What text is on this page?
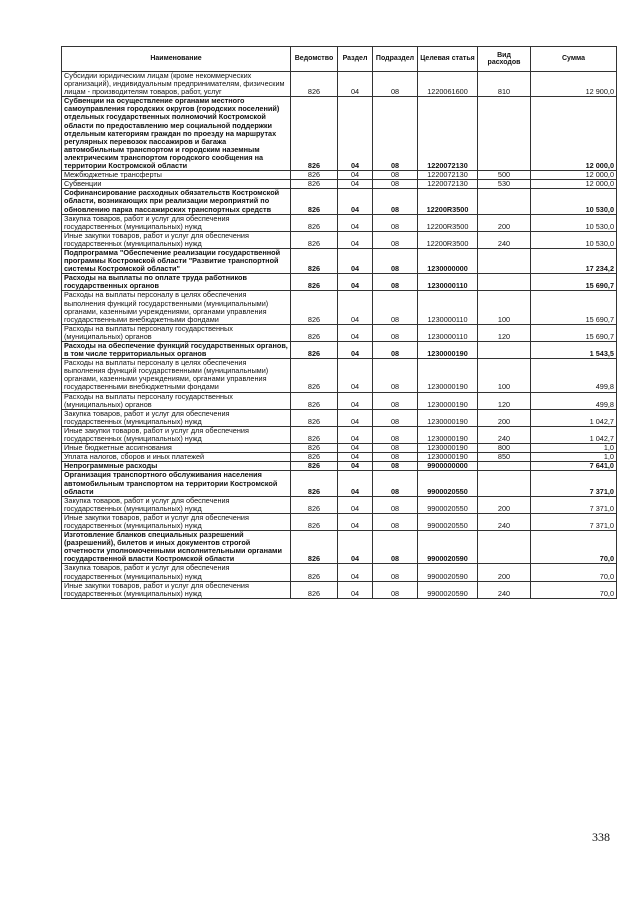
Наименование	Ведомство	Раздел	Подраздел	Целевая статья	Вид расходов	Сумма
Субсидии юридическим лицам (кроме некоммерческих организаций), индивидуальным предпринимателям, физическим лицам - производителям товаров, работ, услуг	826	04	08	1220061600	810	12 900,0
Субвенции на осуществление органами местного самоуправления городских округов (городских поселений) отдельных государственных полномочий Костромской области по предоставлению мер социальной поддержки отдельным категориям граждан по проезду на маршрутах регулярных перевозок пассажиров и багажа автомобильным транспортом и городским наземным электрическим транспортом городского сообщения на территории Костромской области	826	04	08	1220072130		12 000,0
Межбюджетные трансферты	826	04	08	1220072130	500	12 000,0
Субвенции	826	04	08	1220072130	530	12 000,0
Софинансирование расходных обязательств Костромской области, возникающих при реализации мероприятий по обновлению парка пассажирских транспортных средств	826	04	08	12200R3500		10 530,0
Закупка товаров, работ и услуг для обеспечения государственных (муниципальных) нужд	826	04	08	12200R3500	200	10 530,0
Иные закупки товаров, работ и услуг для обеспечения государственных (муниципальных) нужд	826	04	08	12200R3500	240	10 530,0
Подпрограмма "Обеспечение реализации государственной программы Костромской области "Развитие транспортной системы Костромской области"	826	04	08	1230000000		17 234,2
Расходы на выплаты по оплате труда работников государственных органов	826	04	08	1230000110		15 690,7
Расходы на выплаты персоналу в целях обеспечения выполнения функций государственными (муниципальными) органами, казенными учреждениями, органами управления государственными внебюджетными фондами	826	04	08	1230000110	100	15 690,7
Расходы на выплаты персоналу государственных (муниципальных) органов	826	04	08	1230000110	120	15 690,7
Расходы на обеспечение функций государственных органов, в том числе территориальных органов	826	04	08	1230000190		1 543,5
Расходы на выплаты персоналу в целях обеспечения выполнения функций государственными (муниципальными) органами, казенными учреждениями, органами управления государственными внебюджетными фондами	826	04	08	1230000190	100	499,8
Расходы на выплаты персоналу государственных (муниципальных) органов	826	04	08	1230000190	120	499,8
Закупка товаров, работ и услуг для обеспечения государственных (муниципальных) нужд	826	04	08	1230000190	200	1 042,7
Иные закупки товаров, работ и услуг для обеспечения государственных (муниципальных) нужд	826	04	08	1230000190	240	1 042,7
Иные бюджетные ассигнования	826	04	08	1230000190	800	1,0
Уплата налогов, сборов и иных платежей	826	04	08	1230000190	850	1,0
Непрограммные расходы	826	04	08	9900000000		7 641,0
Организация транспортного обслуживания населения автомобильным транспортом на территории Костромской области	826	04	08	9900020550		7 371,0
Закупка товаров, работ и услуг для обеспечения государственных (муниципальных) нужд	826	04	08	9900020550	200	7 371,0
Иные закупки товаров, работ и услуг для обеспечения государственных (муниципальных) нужд	826	04	08	9900020550	240	7 371,0
Изготовление бланков специальных разрешений (разрешений), билетов и иных документов строгой отчетности уполномоченными исполнительными органами государственной власти Костромской области	826	04	08	9900020590		70,0
Закупка товаров, работ и услуг для обеспечения государственных (муниципальных) нужд	826	04	08	9900020590	200	70,0
Иные закупки товаров, работ и услуг для обеспечения государственных (муниципальных) нужд	826	04	08	9900020590	240	70,0
338
